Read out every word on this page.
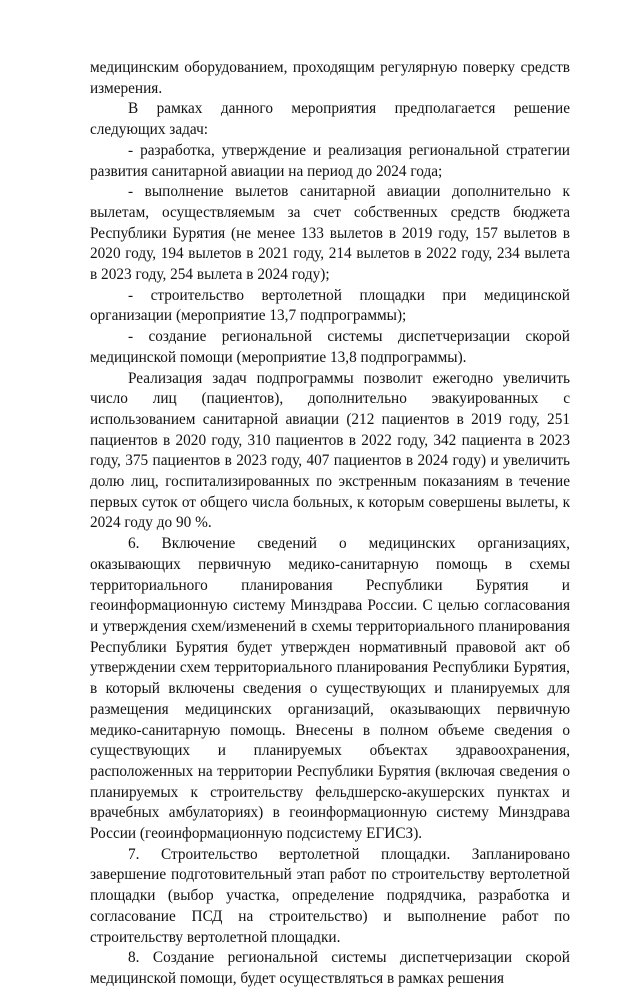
медицинским оборудованием, проходящим регулярную поверку средств измерения.

В рамках данного мероприятия предполагается решение следующих задач:

- разработка, утверждение и реализация региональной стратегии развития санитарной авиации на период до 2024 года;

- выполнение вылетов санитарной авиации дополнительно к вылетам, осуществляемым за счет собственных средств бюджета Республики Бурятия (не менее 133 вылетов в 2019 году, 157 вылетов в 2020 году, 194 вылетов в 2021 году, 214 вылетов в 2022 году, 234 вылета в 2023 году, 254 вылета в 2024 году);

- строительство вертолетной площадки при медицинской организации (мероприятие 13,7 подпрограммы);

- создание региональной системы диспетчеризации скорой медицинской помощи (мероприятие 13,8 подпрограммы).

Реализация задач подпрограммы позволит ежегодно увеличить число лиц (пациентов), дополнительно эвакуированных с использованием санитарной авиации (212 пациентов в 2019 году, 251 пациентов в 2020 году, 310 пациентов в 2022 году, 342 пациента в 2023 году, 375 пациентов в 2023 году, 407 пациентов в 2024 году) и увеличить долю лиц, госпитализированных по экстренным показаниям в течение первых суток от общего числа больных, к которым совершены вылеты, к 2024 году до 90 %.

6. Включение сведений о медицинских организациях, оказывающих первичную медико-санитарную помощь в схемы территориального планирования Республики Бурятия и геоинформационную систему Минздрава России. С целью согласования и утверждения схем/изменений в схемы территориального планирования Республики Бурятия будет утвержден нормативный правовой акт об утверждении схем территориального планирования Республики Бурятия, в который включены сведения о существующих и планируемых для размещения медицинских организаций, оказывающих первичную медико-санитарную помощь. Внесены в полном объеме сведения о существующих и планируемых объектах здравоохранения, расположенных на территории Республики Бурятия (включая сведения о планируемых к строительству фельдшерско-акушерских пунктах и врачебных амбулаториях) в геоинформационную систему Минздрава России (геоинформационную подсистему ЕГИСЗ).

7. Строительство вертолетной площадки. Запланировано завершение подготовительный этап работ по строительству вертолетной площадки (выбор участка, определение подрядчика, разработка и согласование ПСД на строительство) и выполнение работ по строительству вертолетной площадки.

8. Создание региональной системы диспетчеризации скорой медицинской помощи, будет осуществляться в рамках решения
